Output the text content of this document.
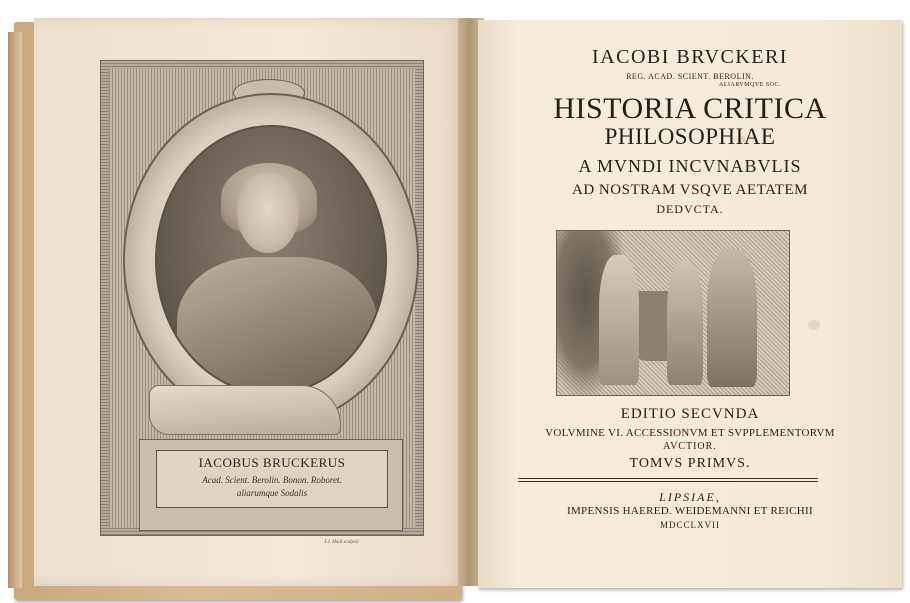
IACOBUS BRUCKERUS
Acad. Scient. Berolin. Bonon. Roboret.
aliarumque Sodalis
J.J. Haid sculpsit
IACOBI BRVCKERI
REG. ACAD. SCIENT. BEROLIN.
ALIARVMQVE SOC.
HISTORIA CRITICA
PHILOSOPHIAE
A MVNDI INCVNABVLIS
AD NOSTRAM VSQVE AETATEM
DEDVCTA.
EDITIO SECVNDA
VOLVMINE VI. ACCESSIONVM ET SVPPLEMENTORVM
AVCTIOR.
TOMVS PRIMVS.
LIPSIAE,
IMPENSIS HAERED. WEIDEMANNI ET REICHII
MDCCLXVII
